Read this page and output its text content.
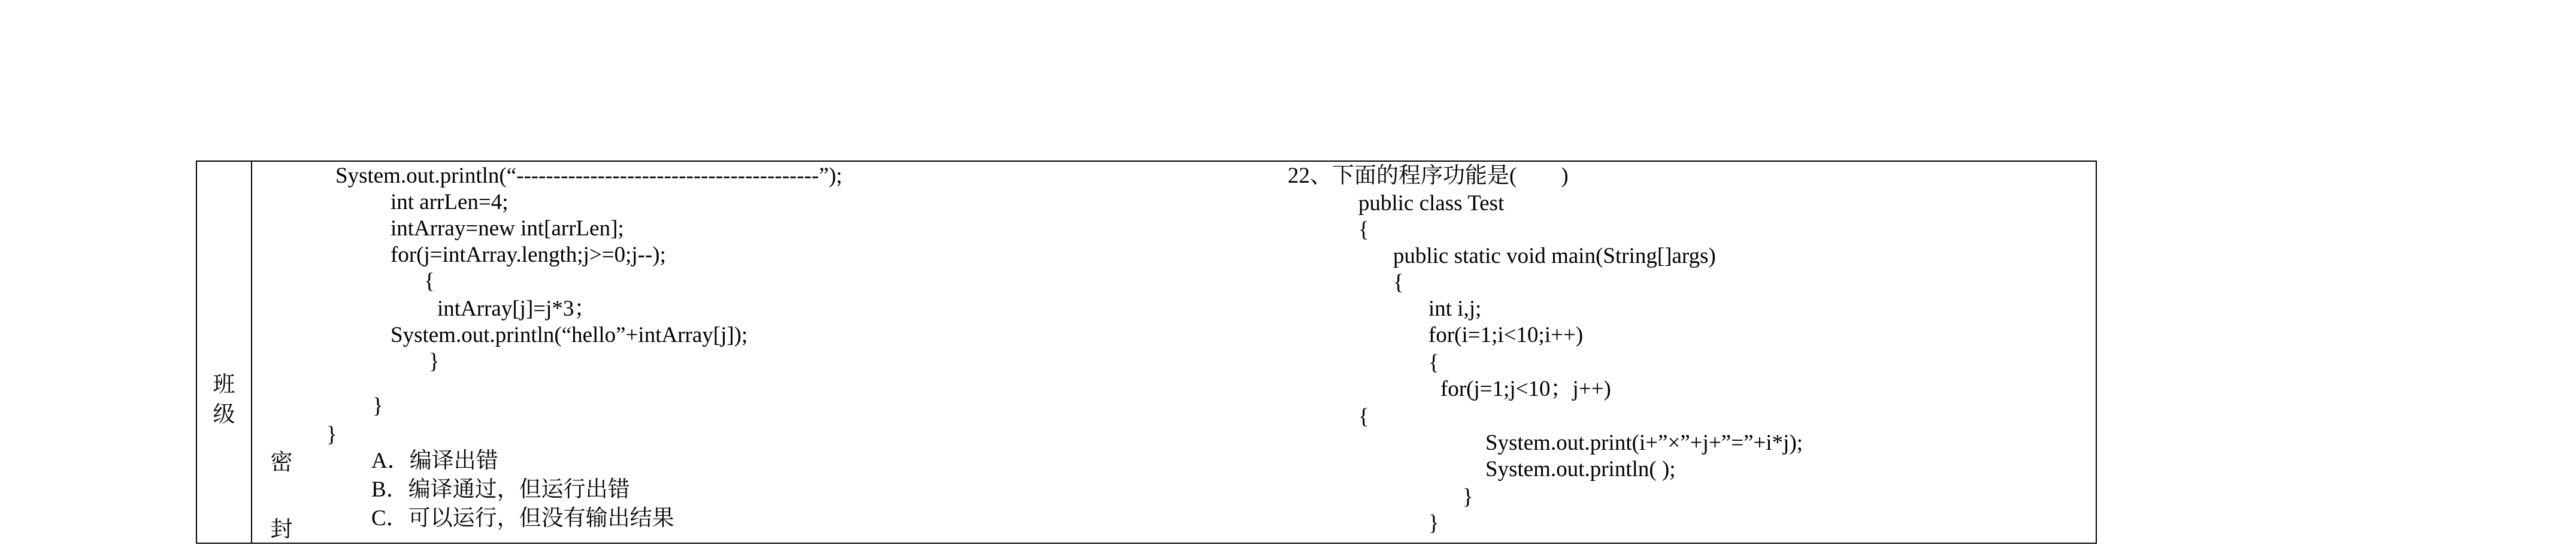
班
级
密
封
System.out.println(“-----------------------------------------”);
int arrLen=4;
intArray=new int[arrLen];
for(j=intArray.length;j>=0;j--);
{
intArray[j]=j*3；
System.out.println(“hello”+intArray[j]);
}
}
}
A．编译出错
B．编译通过，但运行出错
C．可以运行，但没有输出结果
22、下面的程序功能是(        )
public class Test
{
public static void main(String[]args)
{
int i,j;
for(i=1;i<10;i++)
{
for(j=1;j<10；j++)
{
System.out.print(i+”×”+j+”=”+i*j);
System.out.println( );
}
}
